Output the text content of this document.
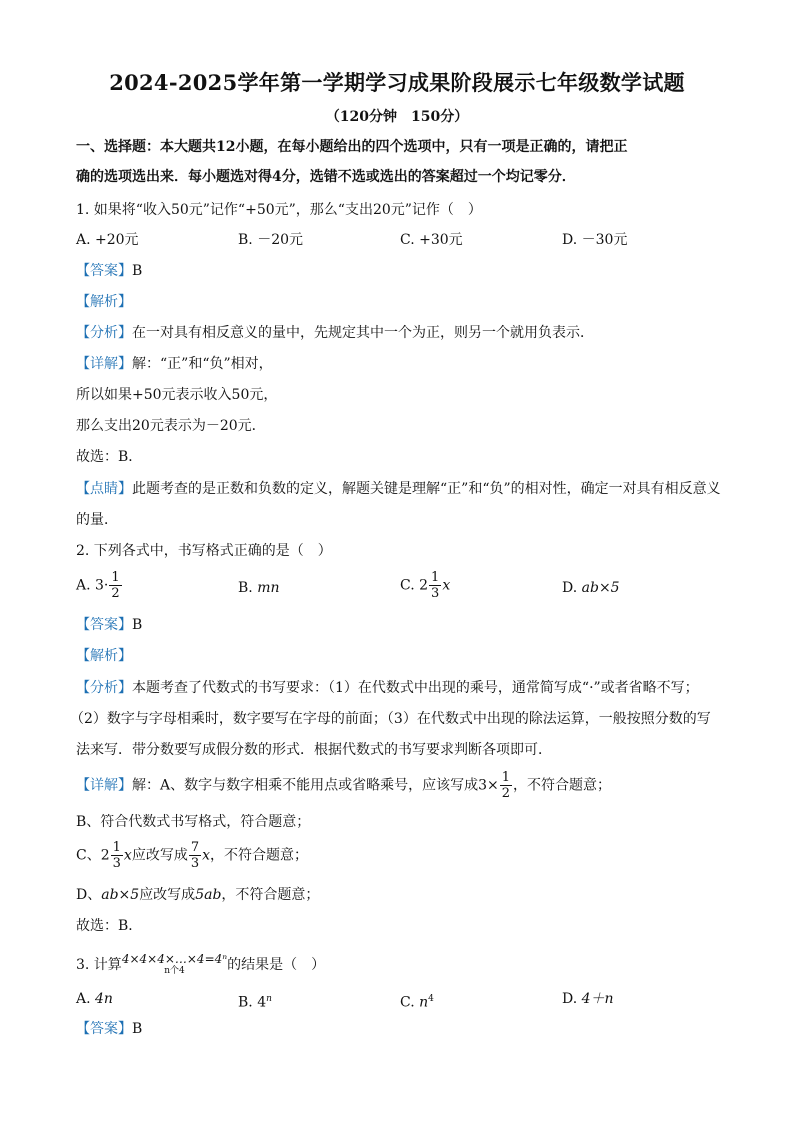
2024-2025学年第一学期学习成果阶段展示七年级数学试题
（120分钟　150分）
一、选择题：本大题共12小题，在每小题给出的四个选项中，只有一项是正确的，请把正
确的选项选出来．每小题选对得4分，选错不选或选出的答案超过一个均记零分．
1. 如果将“收入50元”记作“+50元”，那么“支出20元”记作（　）
A. +20元	B. －20元	C. +30元	D. －30元
【答案】B
【解析】
【分析】在一对具有相反意义的量中，先规定其中一个为正，则另一个就用负表示．
【详解】解：“正”和“负”相对，
所以如果+50元表示收入50元，
那么支出20元表示为－20元．
故选：B．
【点睛】此题考查的是正数和负数的定义，解题关键是理解“正”和“负”的相对性，确定一对具有相反意义
的量．
2. 下列各式中，书写格式正确的是（　）
A. $3\cdot \frac{1}{2}$	B. mn	C. $2 \frac{1}{3}$ x	D. ab×5
【答案】B
【解析】
【分析】本题考查了代数式的书写要求：（1）在代数式中出现的乘号，通常简写成“·”或者省略不写；
（2）数字与字母相乘时，数字要写在字母的前面；（3）在代数式中出现的除法运算，一般按照分数的写
法来写．带分数要写成假分数的形式．根据代数式的书写要求判断各项即可．
【详解】解：A、数字与数字相乘不能用点或省略乘号，应该写成$3\times \frac{1}{2}$ ，不符合题意；
B、符合代数式书写格式，符合题意；
C、$2 \frac{1}{3}$ x应改写成 $\frac{7}{3}$ x，不符合题意；
D、ab×5应改写成5ab，不符合题意；
故选：B．
3. 计算 4×4×4×…×4=4ⁿ
n个4	的结果是（　）
A. 4n	B. 4$^n$	C. $n^4$	D. 4＋n
【答案】B
